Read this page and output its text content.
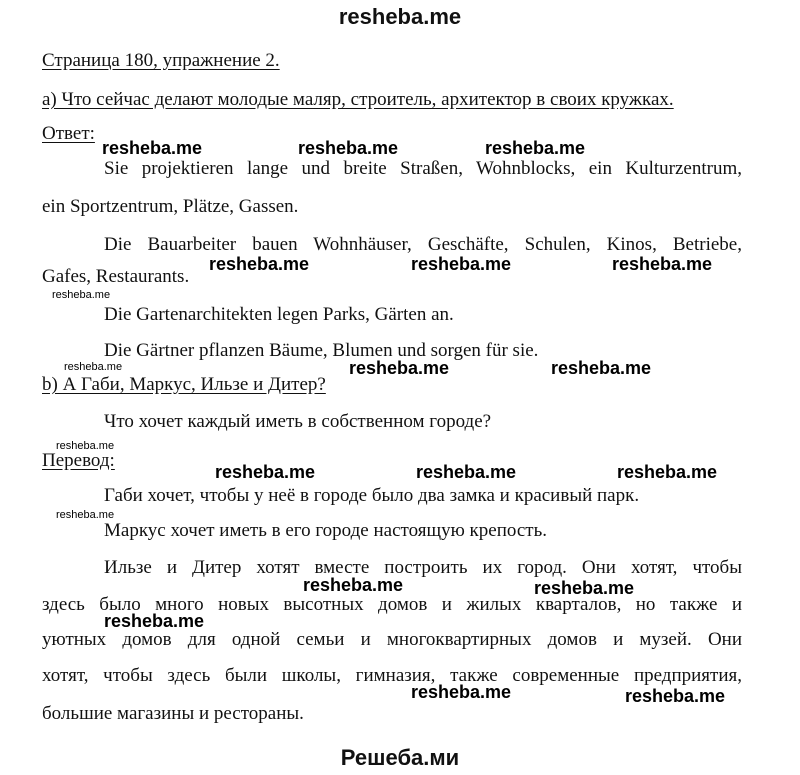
resheba.me
Страница 180, упражнение 2.
а) Что сейчас делают молодые маляр, строитель, архитектор в своих кружках.
Ответ:
Sie projektieren lange und breite Straßen, Wohnblocks, ein Kulturzentrum,
ein Sportzentrum, Plätze, Gassen.
Die Bauarbeiter bauen Wohnhäuser, Geschäfte, Schulen, Kinos, Betriebe,
Gafes, Restaurants.
Die Gartenarchitekten legen Parks, Gärten an.
Die Gärtner pflanzen Bäume, Blumen und sorgen für sie.
b) А Габи, Маркус, Ильзе и Дитер?
Что хочет каждый иметь в собственном городе?
Перевод:
Габи хочет, чтобы у неё в городе было два замка и красивый парк.
Маркус хочет иметь в его городе настоящую крепость.
Ильзе и Дитер хотят вместе построить их город. Они хотят, чтобы
здесь было много новых высотных домов и жилых кварталов, но также и
уютных домов для одной семьи и многоквартирных домов и музей. Они
хотят, чтобы здесь были школы, гимназия, также современные предприятия,
большие магазины и рестораны.
resheba.me	resheba.me	resheba.me
resheba.me	resheba.me	resheba.me
resheba.me	resheba.me
resheba.me	resheba.me	resheba.me
resheba.me	resheba.me
resheba.me
resheba.me	resheba.me
resheba.me
resheba.me
resheba.me
resheba.me
Решеба.ми
